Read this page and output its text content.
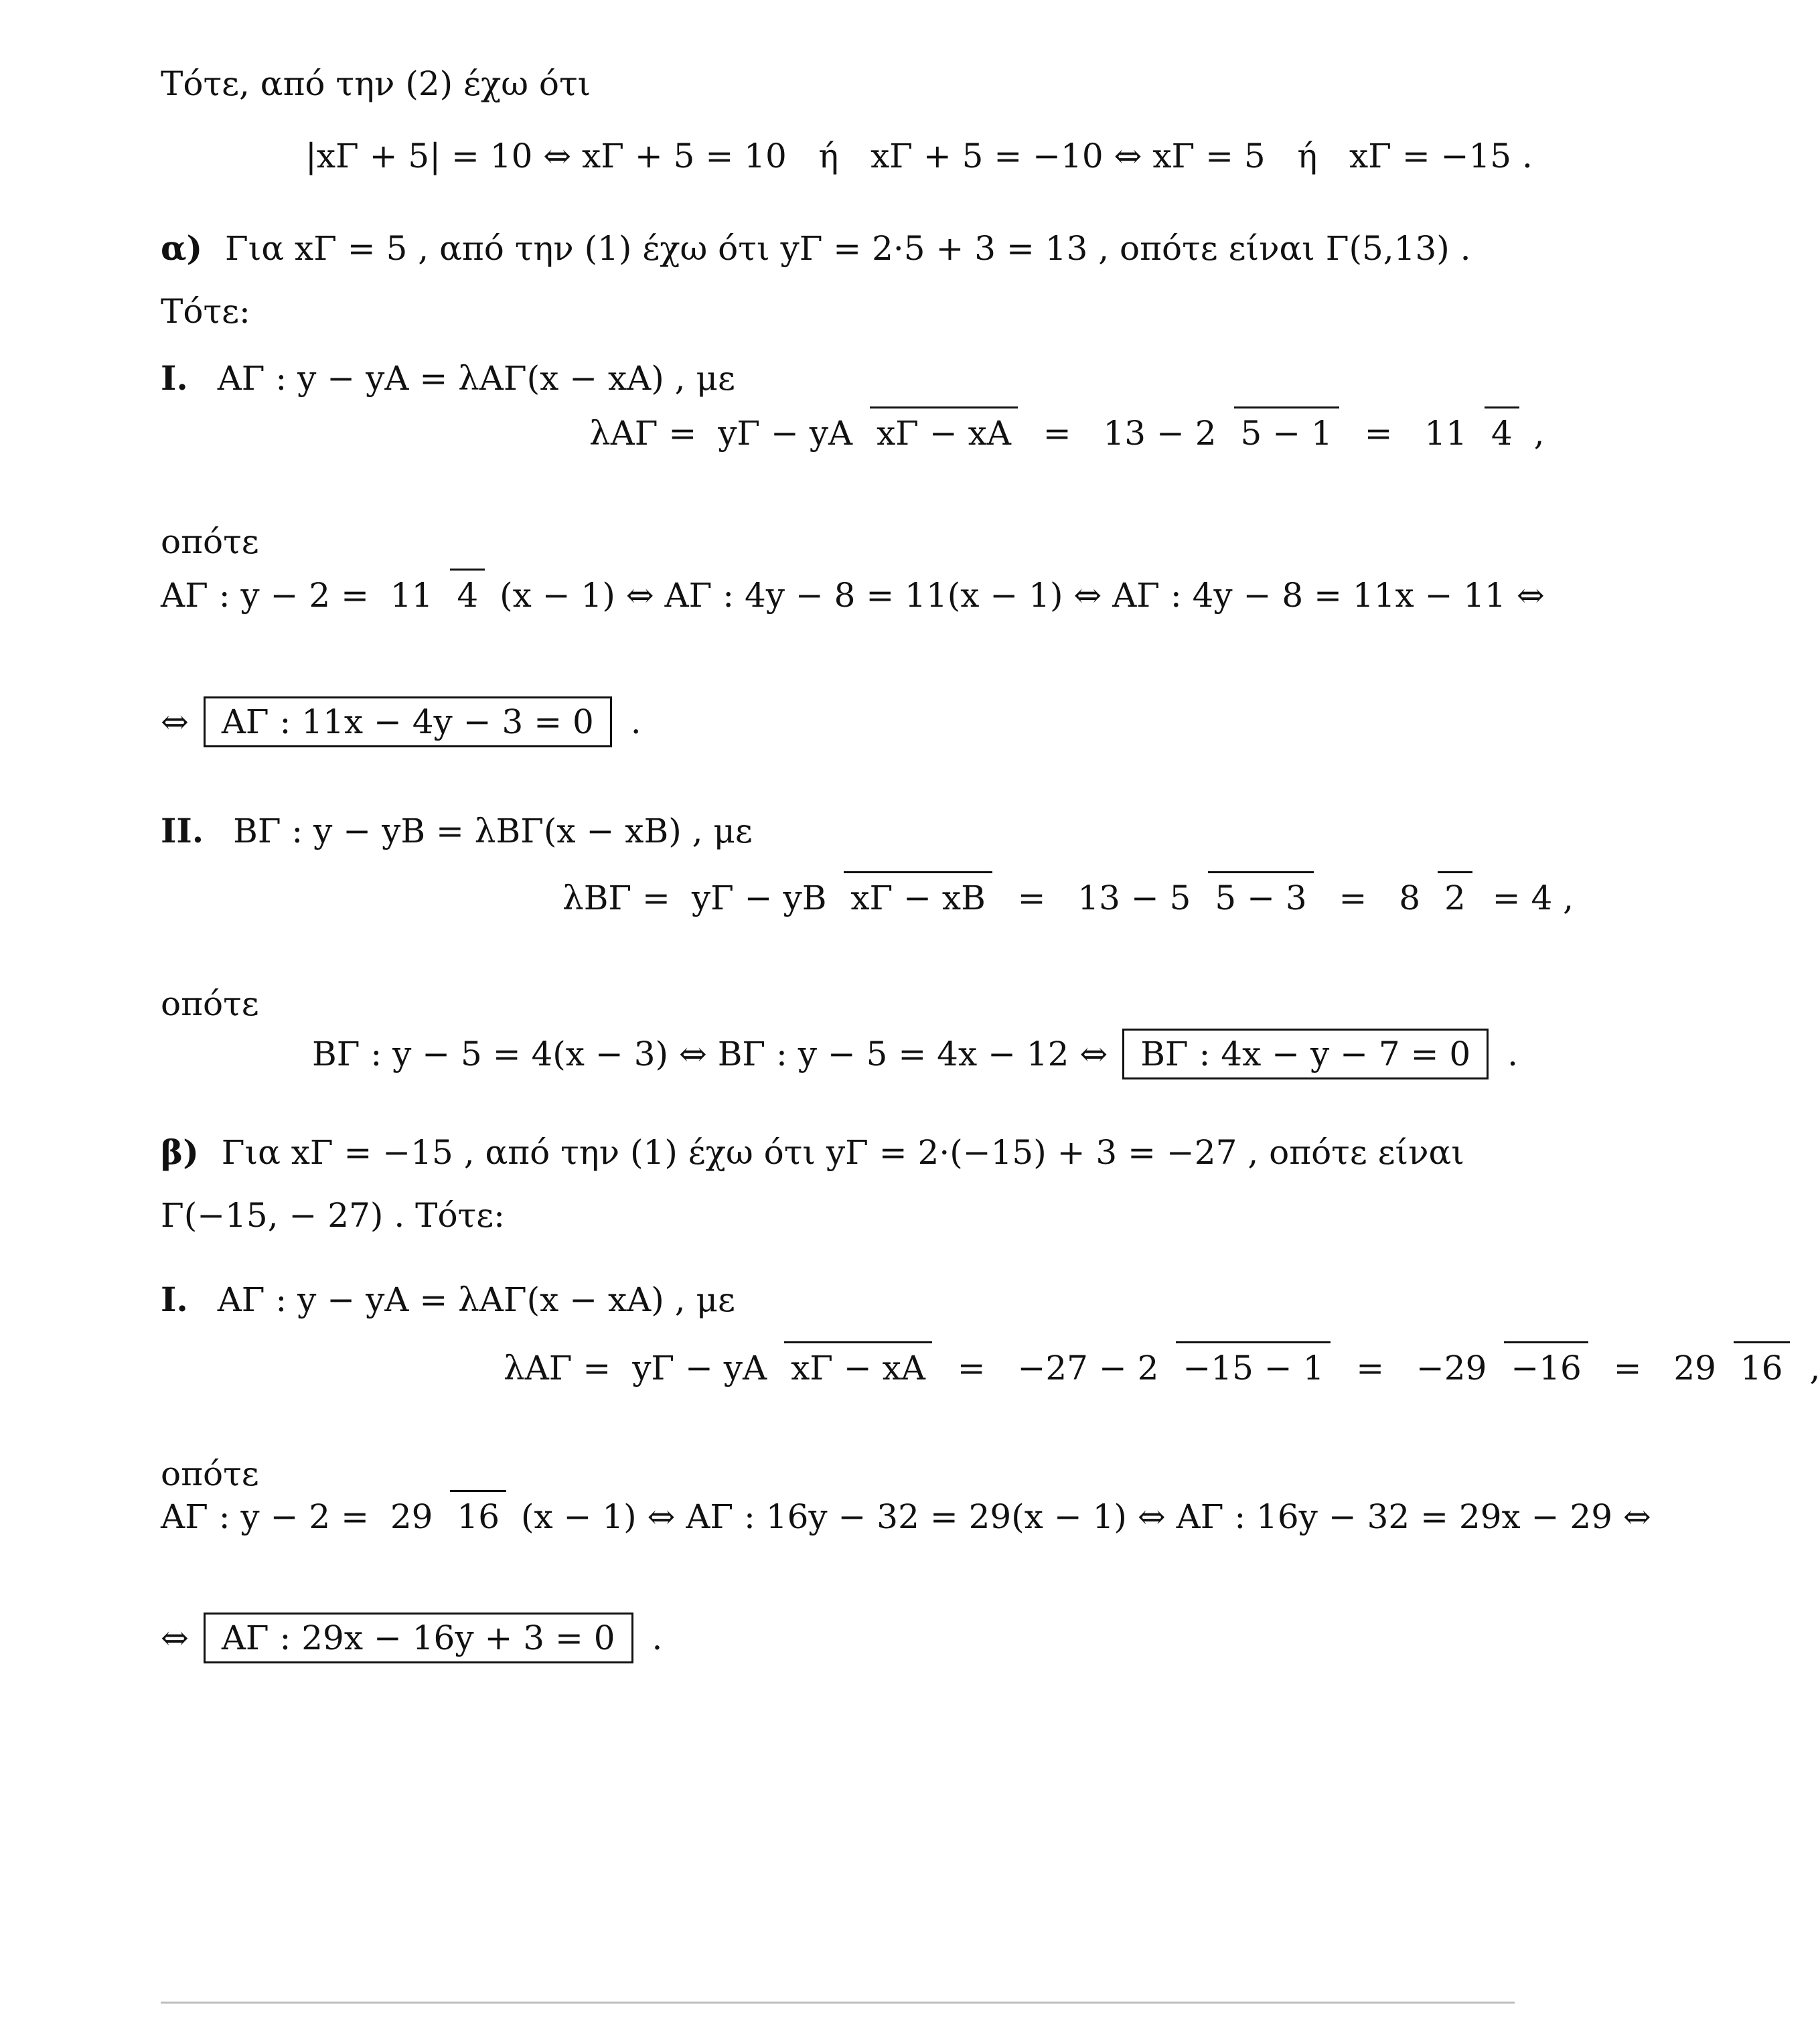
Τότε, από την (2) έχω ότι
|xΓ + 5| = 10 ⇔ xΓ + 5 = 10   ή   xΓ + 5 = −10 ⇔ xΓ = 5   ή   xΓ = −15 .
α) Για xΓ = 5 , από την (1) έχω ότι yΓ = 2·5 + 3 = 13 , οπότε είναι Γ(5,13) .
Τότε:
I. ΑΓ : y − yΑ = λΑΓ(x − xΑ) , με
λΑΓ = yΓ − yΑ xΓ − xΑ  =  13 − 2 5 − 1  =  11 4 ,
οπότε
ΑΓ : y − 2 = 11 4 (x − 1) ⇔ ΑΓ : 4y − 8 = 11(x − 1) ⇔ ΑΓ : 4y − 8 = 11x − 11 ⇔
⇔ ΑΓ : 11x − 4y − 3 = 0 .
II. ΒΓ : y − yΒ = λΒΓ(x − xΒ) , με
λΒΓ = yΓ − yΒ xΓ − xΒ  =  13 − 5 5 − 3  =  8 2 = 4 ,
οπότε
ΒΓ : y − 5 = 4(x − 3) ⇔ ΒΓ : y − 5 = 4x − 12 ⇔ ΒΓ : 4x − y − 7 = 0 .
β) Για xΓ = −15 , από την (1) έχω ότι yΓ = 2·(−15) + 3 = −27 , οπότε είναι
Γ(−15, − 27) . Τότε:
I. ΑΓ : y − yΑ = λΑΓ(x − xΑ) , με
λΑΓ = yΓ − yΑ xΓ − xΑ  =  −27 − 2 −15 − 1  =  −29 −16  =  29 16 ,
οπότε
ΑΓ : y − 2 = 29 16 (x − 1) ⇔ ΑΓ : 16y − 32 = 29(x − 1) ⇔ ΑΓ : 16y − 32 = 29x − 29 ⇔
⇔ ΑΓ : 29x − 16y + 3 = 0 .
